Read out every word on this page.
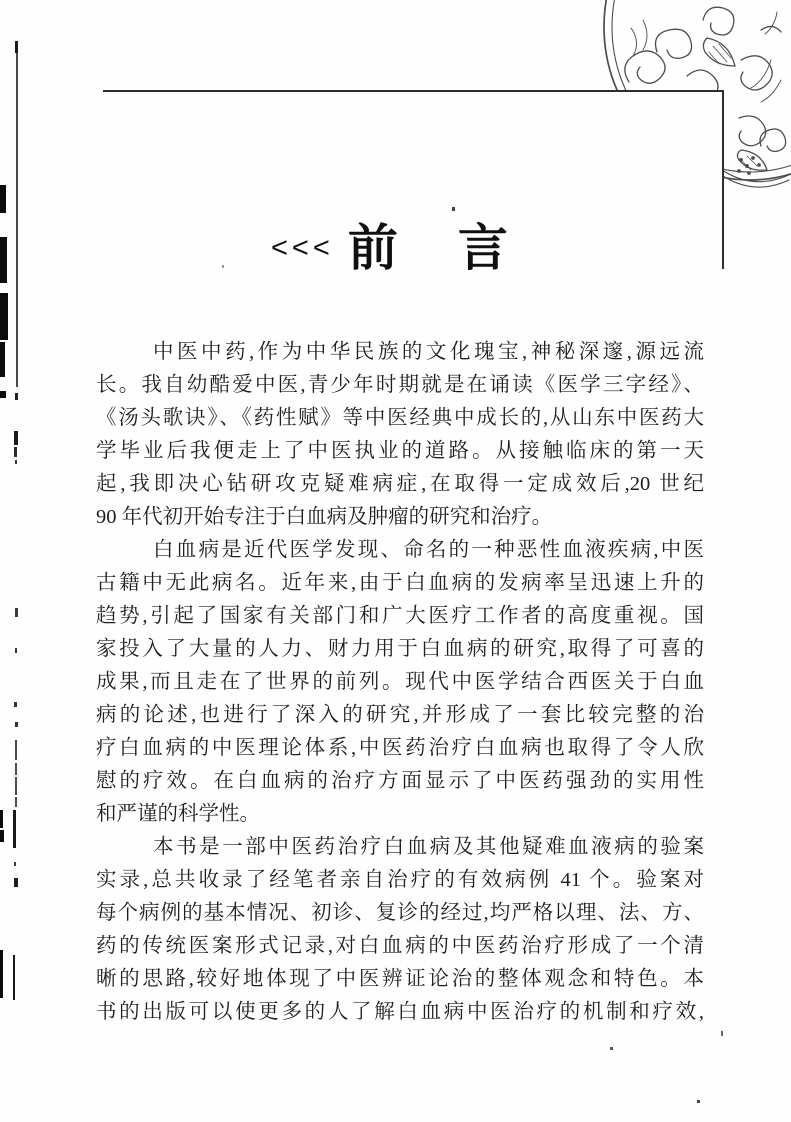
<<< 前 言
中医中药,作为中华民族的文化瑰宝,神秘深邃,源远流
长。我自幼酷爱中医,青少年时期就是在诵读《医学三字经》、
《汤头歌诀》、《药性赋》等中医经典中成长的,从山东中医药大
学毕业后我便走上了中医执业的道路。从接触临床的第一天
起,我即决心钻研攻克疑难病症,在取得一定成效后,20 世纪
90 年代初开始专注于白血病及肿瘤的研究和治疗。
白血病是近代医学发现、命名的一种恶性血液疾病,中医
古籍中无此病名。近年来,由于白血病的发病率呈迅速上升的
趋势,引起了国家有关部门和广大医疗工作者的高度重视。国
家投入了大量的人力、财力用于白血病的研究,取得了可喜的
成果,而且走在了世界的前列。现代中医学结合西医关于白血
病的论述,也进行了深入的研究,并形成了一套比较完整的治
疗白血病的中医理论体系,中医药治疗白血病也取得了令人欣
慰的疗效。在白血病的治疗方面显示了中医药强劲的实用性
和严谨的科学性。
本书是一部中医药治疗白血病及其他疑难血液病的验案
实录,总共收录了经笔者亲自治疗的有效病例 41 个。验案对
每个病例的基本情况、初诊、复诊的经过,均严格以理、法、方、
药的传统医案形式记录,对白血病的中医药治疗形成了一个清
晰的思路,较好地体现了中医辨证论治的整体观念和特色。本
书的出版可以使更多的人了解白血病中医治疗的机制和疗效,
